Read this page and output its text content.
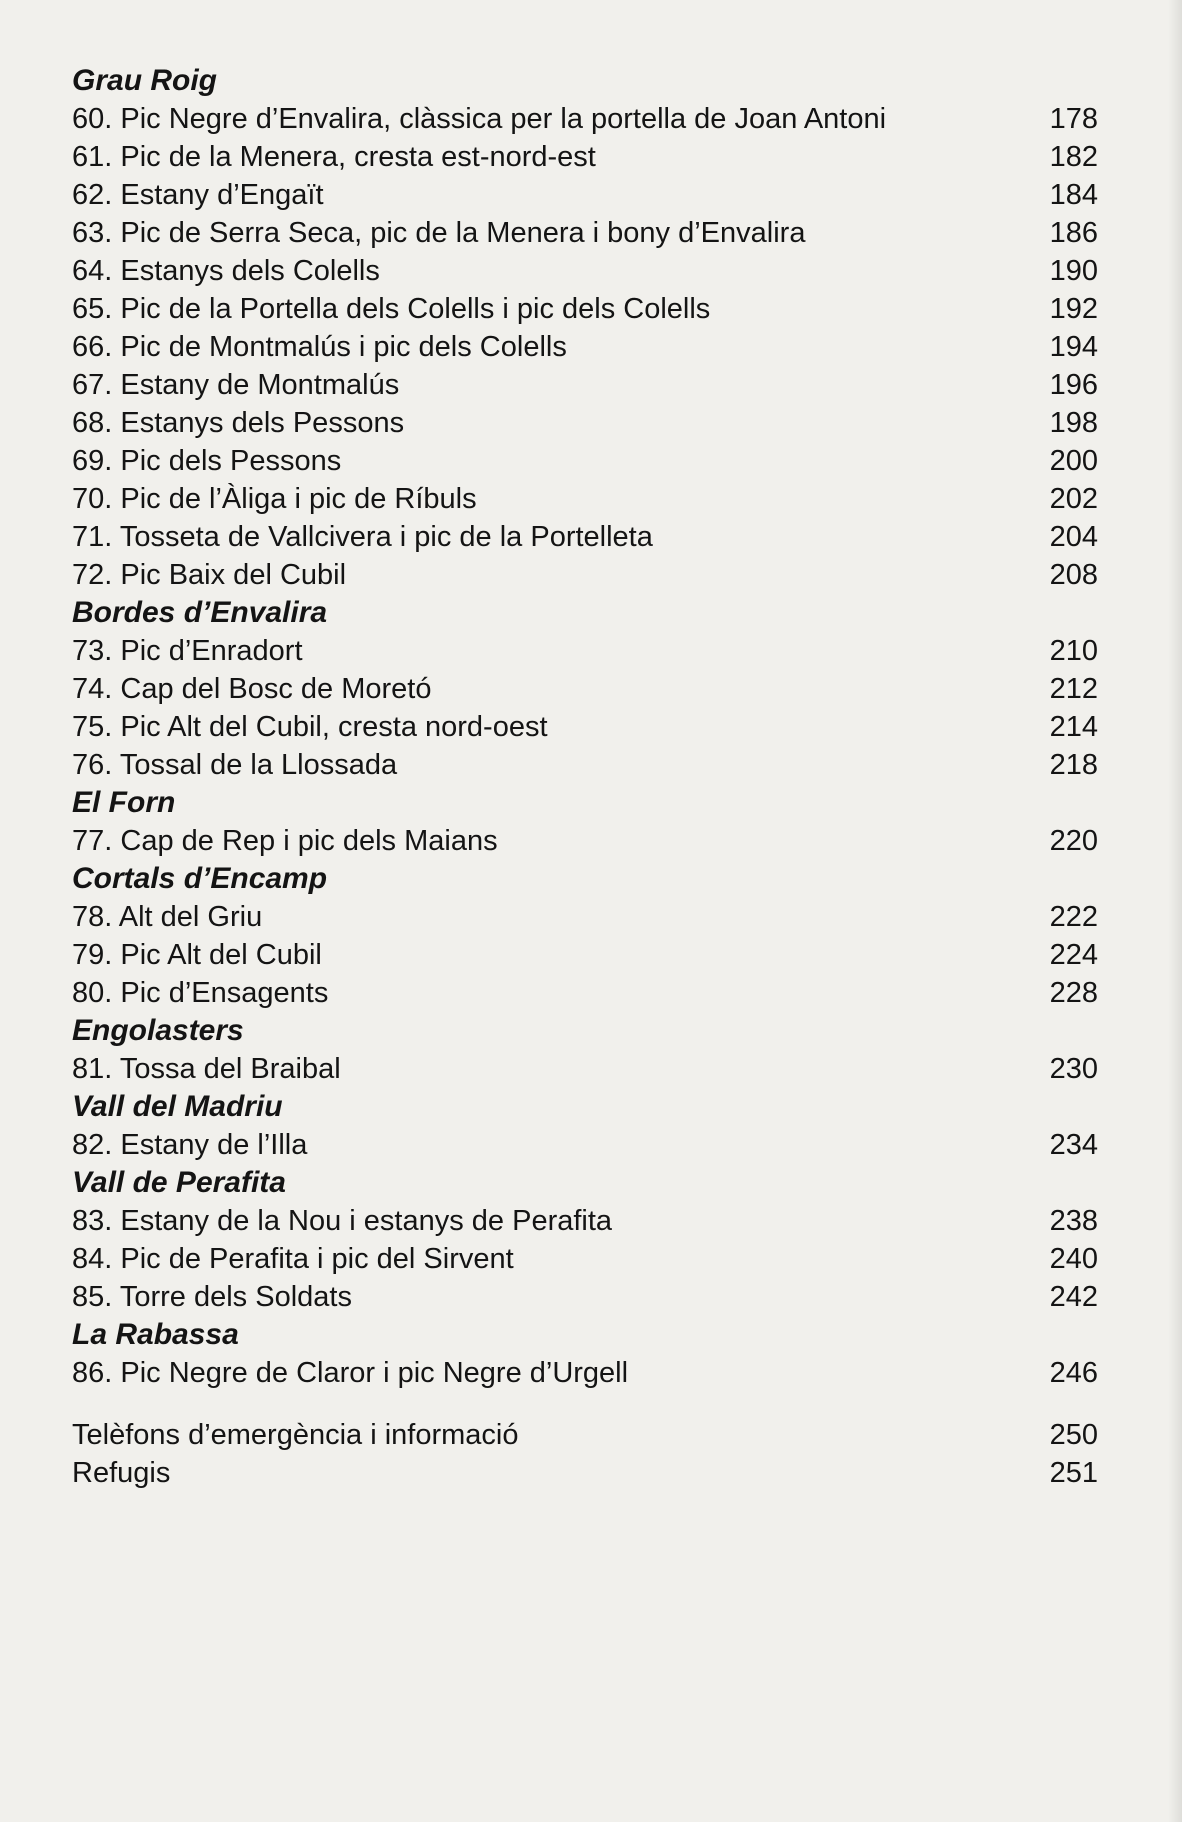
Grau Roig
60. Pic Negre d’Envalira, clàssica per la portella de Joan Antoni	178
61. Pic de la Menera, cresta est-nord-est	182
62. Estany d’Engaït	184
63. Pic de Serra Seca, pic de la Menera i bony d’Envalira	186
64. Estanys dels Colells	190
65. Pic de la Portella dels Colells i pic dels Colells	192
66. Pic de Montmalús i pic dels Colells	194
67. Estany de Montmalús	196
68. Estanys dels Pessons	198
69. Pic dels Pessons	200
70. Pic de l’Àliga i pic de Ríbuls	202
71. Tosseta de Vallcivera i pic de la Portelleta	204
72. Pic Baix del Cubil	208
Bordes d’Envalira
73. Pic d’Enradort	210
74. Cap del Bosc de Moretó	212
75. Pic Alt del Cubil, cresta nord-oest	214
76. Tossal de la Llossada	218
El Forn
77. Cap de Rep i pic dels Maians	220
Cortals d’Encamp
78. Alt del Griu	222
79. Pic Alt del Cubil	224
80. Pic d’Ensagents	228
Engolasters
81. Tossa del Braibal	230
Vall del Madriu
82. Estany de l’Illa	234
Vall de Perafita
83. Estany de la Nou i estanys de Perafita	238
84. Pic de Perafita i pic del Sirvent	240
85. Torre dels Soldats	242
La Rabassa
86. Pic Negre de Claror i pic Negre d’Urgell	246
Telèfons d’emergència i informació	250
Refugis	251
